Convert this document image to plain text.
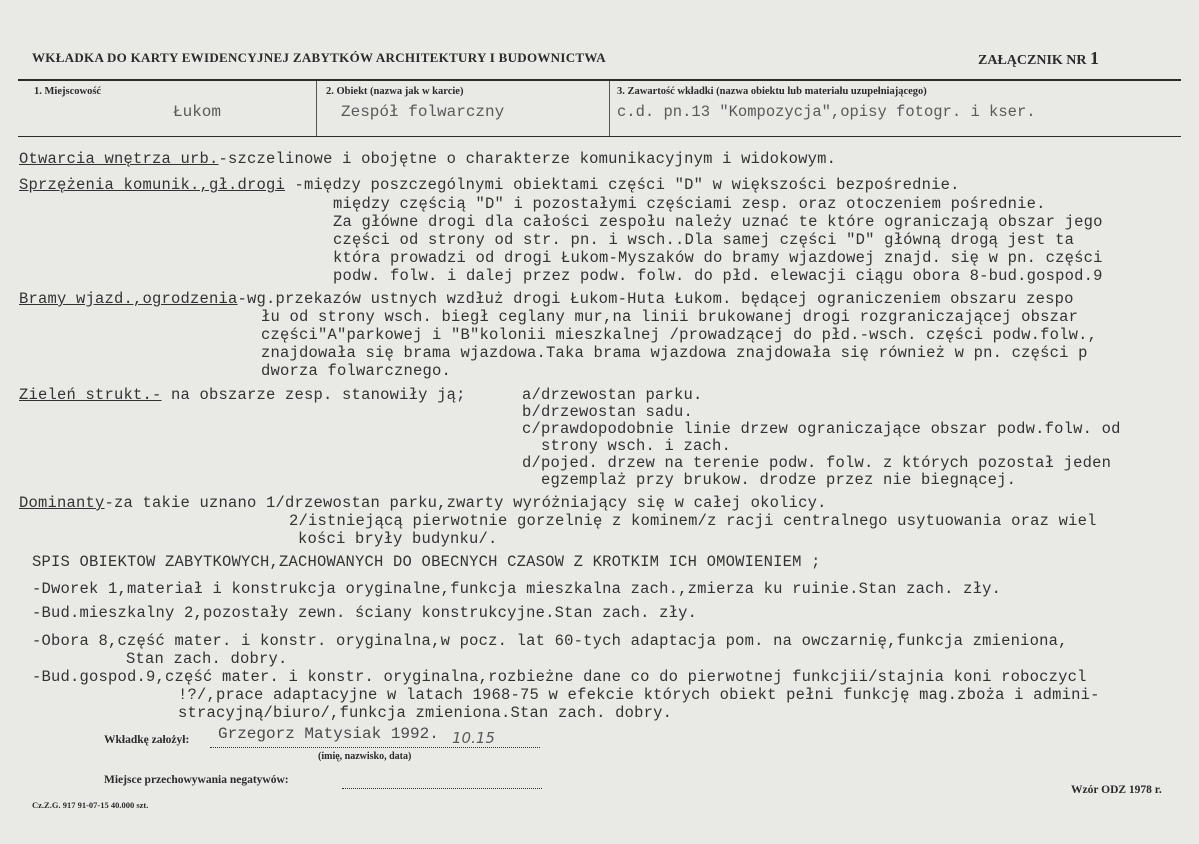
WKŁADKA DO KARTY EWIDENCYJNEJ ZABYTKÓW ARCHITEKTURY I BUDOWNICTWA	ZAŁĄCZNIK NR 1
1. Miejscowość
Łukom
2. Obiekt (nazwa jak w karcie)
Zespół folwarczny
3. Zawartość wkładki (nazwa obiektu lub materiału uzupełniającego)
c.d. pn.13 "Kompozycja",opisy fotogr. i kser.
Otwarcia wnętrza urb.-szczelinowe i obojętne o charakterze komunikacyjnym i widokowym.
Sprzężenia komunik.,gł.drogi -między poszczególnymi obiektami części "D" w większości bezpośrednie.
między częścią "D" i pozostałymi częściami zesp. oraz otoczeniem pośrednie.
Za główne drogi dla całości zespołu należy uznać te które ograniczają obszar jego
części od strony od str. pn. i wsch..Dla samej części "D" główną drogą jest ta
która prowadzi od drogi Łukom-Myszaków do bramy wjazdowej znajd. się w pn. części
podw. folw. i dalej przez podw. folw. do płd. elewacji ciągu obora 8-bud.gospod.9
Bramy wjazd.,ogrodzenia-wg.przekazów ustnych wzdłuż drogi Łukom-Huta Łukom. będącej ograniczeniem obszaru zespo
łu od strony wsch. biegł ceglany mur,na linii brukowanej drogi rozgraniczającej obszar
części"A"parkowej i "B"kolonii mieszkalnej /prowadzącej do płd.-wsch. części podw.folw.,
znajdowała się brama wjazdowa.Taka brama wjazdowa znajdowała się również w pn. części p
dworza folwarcznego.
Zieleń strukt.- na obszarze zesp. stanowiły ją;	a/drzewostan parku.
b/drzewostan sadu.
c/prawdopodobnie linie drzew ograniczające obszar podw.folw. od
strony wsch. i zach.
d/pojed. drzew na terenie podw. folw. z których pozostał jeden
egzemplaż przy brukow. drodze przez nie biegnącej.
Dominanty-za takie uznano 1/drzewostan parku,zwarty wyróżniający się w całej okolicy.
2/istniejącą pierwotnie gorzelnię z kominem/z racji centralnego usytuowania oraz wiel
kości bryły budynku/.
SPIS OBIEKTOW ZABYTKOWYCH,ZACHOWANYCH DO OBECNYCH CZASOW Z KROTKIM ICH OMOWIENIEM ;
-Dworek 1,materiał i konstrukcja oryginalne,funkcja mieszkalna zach.,zmierza ku ruinie.Stan zach. zły.
-Bud.mieszkalny 2,pozostały zewn. ściany konstrukcyjne.Stan zach. zły.
-Obora 8,część mater. i konstr. oryginalna,w pocz. lat 60-tych adaptacja pom. na owczarnię,funkcja zmieniona,
Stan zach. dobry.
-Bud.gospod.9,część mater. i konstr. oryginalna,rozbieżne dane co do pierwotnej funkcjii/stajnia koni roboczycl
!?/,prace adaptacyjne w latach 1968-75 w efekcie których obiekt pełni funkcję mag.zboża i admini-
stracyjną/biuro/,funkcja zmieniona.Stan zach. dobry.
Wkładkę założył: Grzegorz Matysiak 1992. 10.15
(imię, nazwisko, data)
Miejsce przechowywania negatywów:
Wzór ODZ 1978 r.
Cz.Z.G. 917 91-07-15 40.000 szt.
